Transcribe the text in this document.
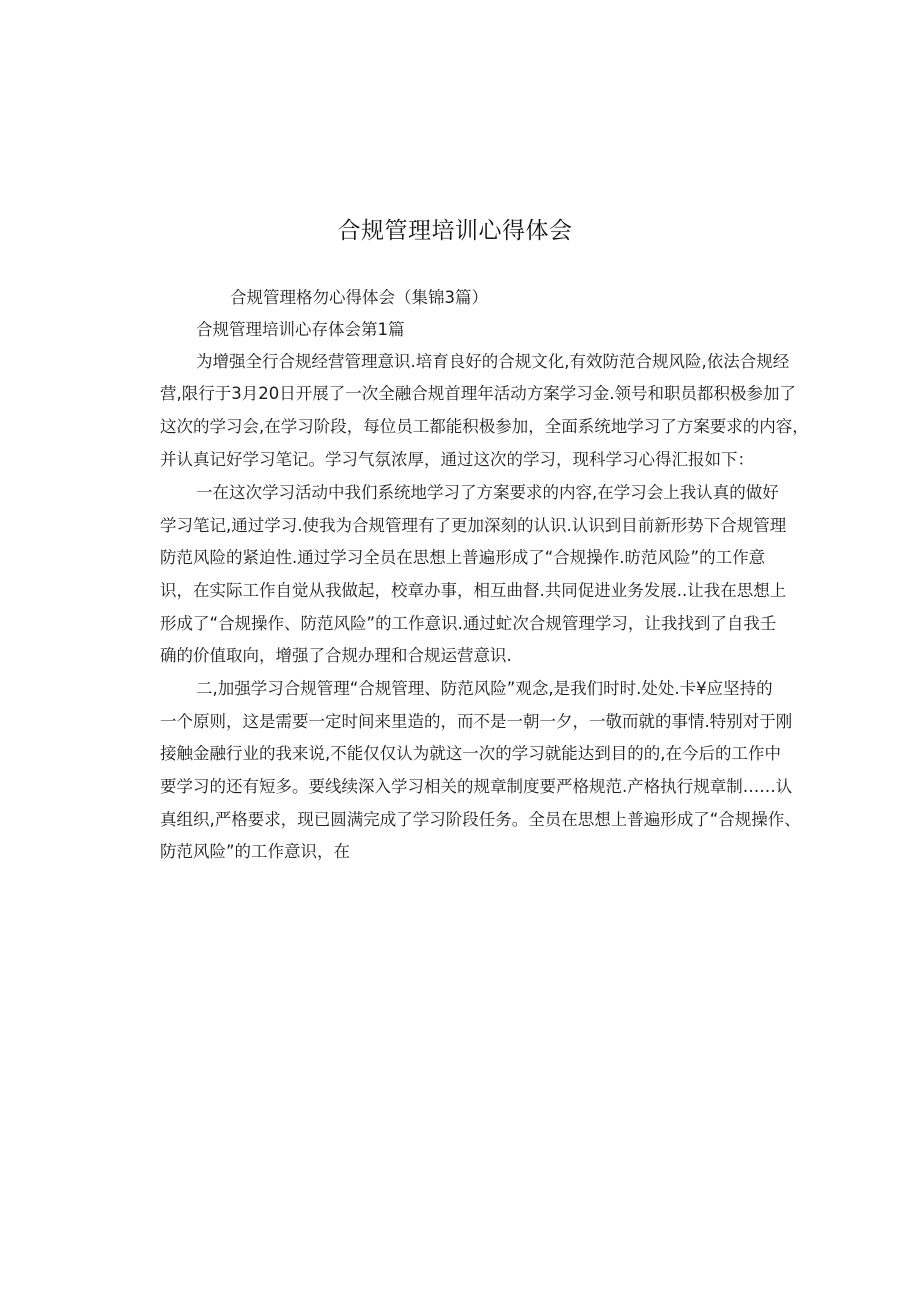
合规管理培训心得体会

合规管理格勿心得体会（集锦3篇）

合规管理培训心存体会第1篇

为增强全行合规经营管理意识.培育良好的合规文化,有效防范合规风险,依法合规经

营,限行于3月20日开展了一次全融合规首理年活动方案学习金.领号和职员都积极参加了

这次的学习会,在学习阶段，每位员工都能积极参加，全面系统地学习了方案要求的内容，

并认真记好学习笔记。学习气氛浓厚，通过这次的学习，现科学习心得汇报如下：

一在这次学习活动中我们系统地学习了方案要求的内容,在学习会上我认真的做好

学习笔记,通过学习.使我为合规管理有了更加深刻的认识.认识到目前新形势下合规管理

防范风险的紧迫性.通过学习全员在思想上普遍形成了“合规操作.昉范风险”的工作意

识，在实际工作自觉从我做起，校章办事，相互曲督.共同促进业务发展..让我在思想上

形成了“合规操作、防范风险”的工作意识.通过虻次合规管理学习，让我找到了自我壬

确的价值取向，增强了合规办理和合规运营意识.

二,加强学习合规管理“合规管理、防范风险”观念,是我们时时.处处.卡¥应坚持的

一个原则，这是需要一定时间来里造的，而不是一朝一夕，一敬而就的事情.特别对于刚

接触金融行业的我来说,不能仅仅认为就这一次的学习就能达到目的的,在今后的工作中

要学习的还有短多。要线续深入学习相关的规章制度要严格规范.产格执行规章制……认

真组织,严格要求，现已圆满完成了学习阶段任务。全员在思想上普遍形成了“合规操作、

防范风险”的工作意识，在
